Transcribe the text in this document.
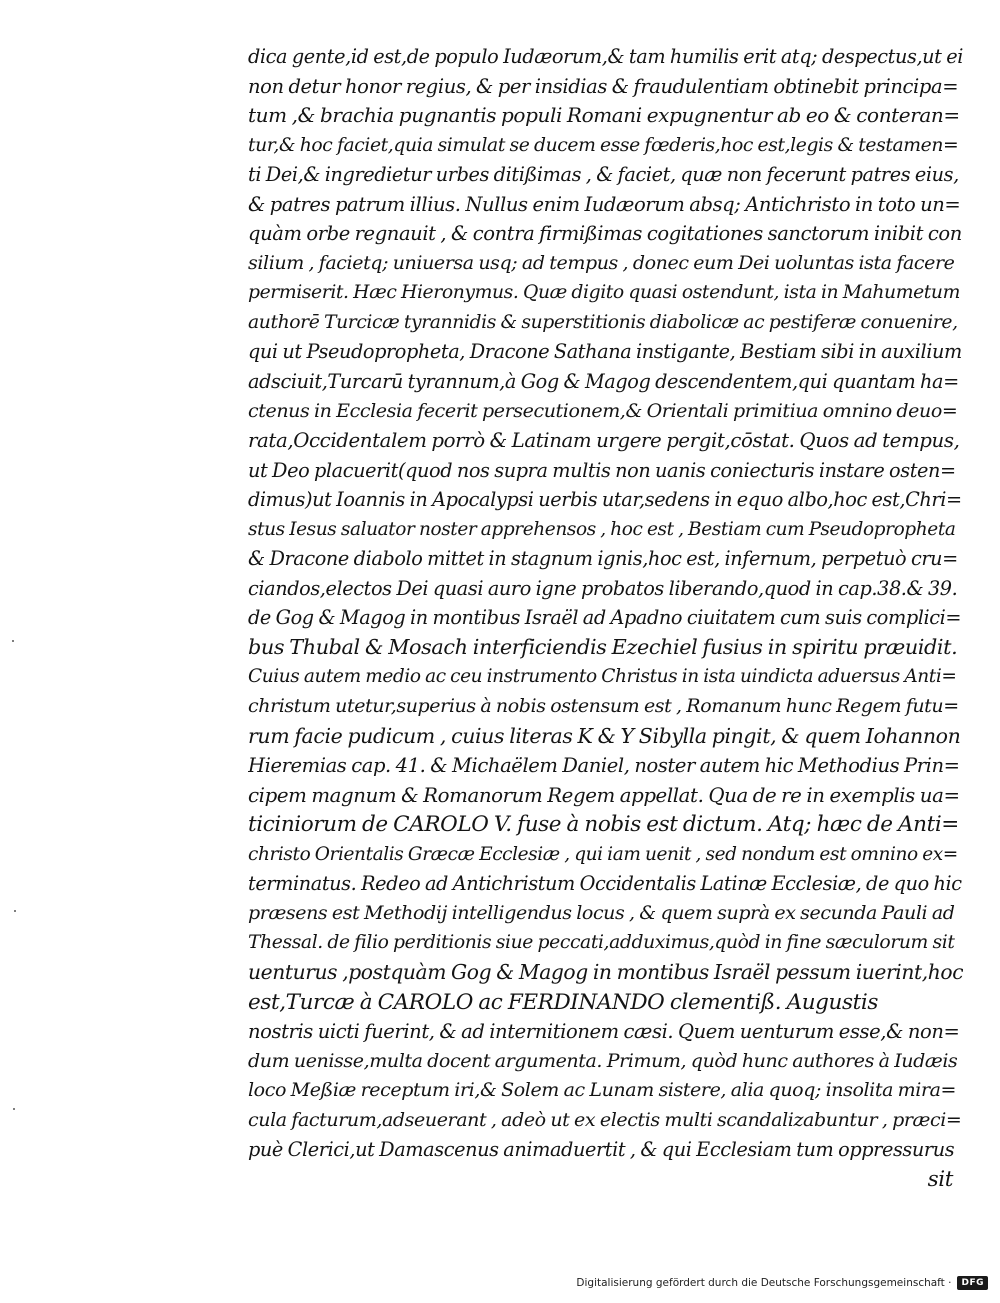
dica gente,id est,de populo Iudæorum,& tam humilis erit atq; despectus,ut ei
non detur honor regius, & per insidias & fraudulentiam obtinebit principa=
tum ,& brachia pugnantis populi Romani expugnentur ab eo & conteran=
tur,& hoc faciet,quia simulat se ducem esse fœderis,hoc est,legis & testamen=
ti Dei,& ingredietur urbes ditißimas , & faciet, quæ non fecerunt patres eius,
& patres patrum illius. Nullus enim Iudæorum absq; Antichristo in toto un=
quàm orbe regnauit , & contra firmißimas cogitationes sanctorum inibit con
silium , facietq; uniuersa usq; ad tempus , donec eum Dei uoluntas ista facere
permiserit. Hæc Hieronymus. Quæ digito quasi ostendunt, ista in Mahumetum
authorē Turcicæ tyrannidis & superstitionis diabolicæ ac pestiferæ conuenire,
qui ut Pseudopropheta, Dracone Sathana instigante, Bestiam sibi in auxilium
adsciuit,Turcarū tyrannum,à Gog & Magog descendentem,qui quantam ha=
ctenus in Ecclesia fecerit persecutionem,& Orientali primitiua omnino deuo=
rata,Occidentalem porrò & Latinam urgere pergit,cōstat. Quos ad tempus,
ut Deo placuerit(quod nos supra multis non uanis coniecturis instare osten=
dimus)ut Ioannis in Apocalypsi uerbis utar,sedens in equo albo,hoc est,Chri=
stus Iesus saluator noster apprehensos , hoc est , Bestiam cum Pseudopropheta
& Dracone diabolo mittet in stagnum ignis,hoc est, infernum, perpetuò cru=
ciandos,electos Dei quasi auro igne probatos liberando,quod in cap.38.& 39.
de Gog & Magog in montibus Israël ad Apadno ciuitatem cum suis complici=
bus Thubal & Mosach interficiendis Ezechiel fusius in spiritu præuidit.
Cuius autem medio ac ceu instrumento Christus in ista uindicta aduersus Anti=
christum utetur,superius à nobis ostensum est , Romanum hunc Regem futu=
rum facie pudicum , cuius literas K & Y Sibylla pingit, & quem Iohannon
Hieremias cap. 41. & Michaëlem Daniel, noster autem hic Methodius Prin=
cipem magnum & Romanorum Regem appellat. Qua de re in exemplis ua=
ticiniorum de CAROLO V. fuse à nobis est dictum. Atq; hæc de Anti=
christo Orientalis Græcæ Ecclesiæ , qui iam uenit , sed nondum est omnino ex=
terminatus. Redeo ad Antichristum Occidentalis Latinæ Ecclesiæ, de quo hic
præsens est Methodij intelligendus locus , & quem suprà ex secunda Pauli ad
Thessal. de filio perditionis siue peccati,adduximus,quòd in fine sæculorum sit
uenturus ,postquàm Gog & Magog in montibus Israël pessum iuerint,hoc
est,Turcæ à CAROLO ac FERDINANDO clementiß. Augustis
nostris uicti fuerint, & ad internitionem cæsi. Quem uenturum esse,& non=
dum uenisse,multa docent argumenta. Primum, quòd hunc authores à Iudæis
loco Meßiæ receptum iri,& Solem ac Lunam sistere, alia quoq; insolita mira=
cula facturum,adseuerant , adeò ut ex electis multi scandalizabuntur , præci=
puè Clerici,ut Damascenus animaduertit , & qui Ecclesiam tum oppressurus
sit
Digitalisierung gefördert durch die Deutsche Forschungsgemeinschaft ·	DFG
